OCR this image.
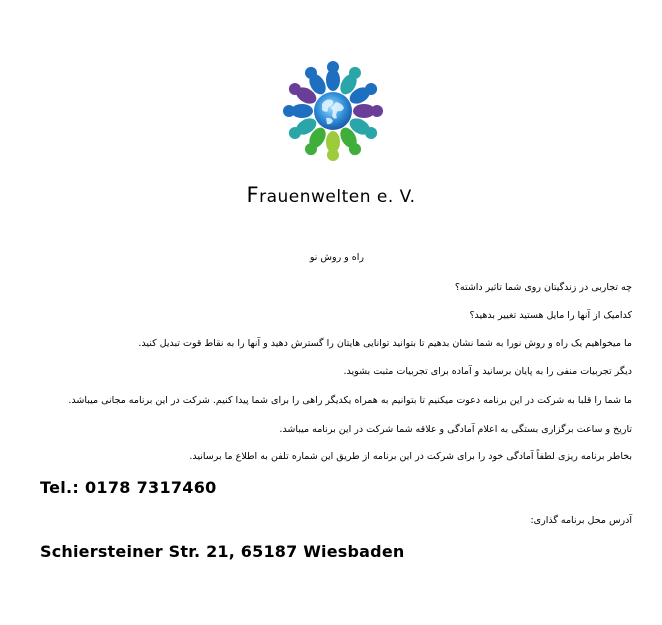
Frauenwelten e. V.
راه و روش نو
چه تجاربی در زندگیتان روی شما تاثیر داشته؟
کدامیک از آنها را مایل هستید تغییر بدهید؟
ما میخواهیم یک راه و روش نورا به شما نشان بدهیم تا بتوانید توانایی هایتان را گسترش دهید و آنها را به نقاط قوت تبدیل کنید.
دیگر تجربیات منفی را به پایان برسانید و آماده برای تجربیات مثبت بشوید.
ما شما را قلبا به شرکت در این برنامه دعوت میکنیم تا بتوانیم به همراه یکدیگر راهی را برای شما پیدا کنیم. شرکت در این برنامه مجانی میباشد.
تاریخ و ساعت برگزاری بستگی به اعلام آمادگی و علاقه شما شرکت در این برنامه میباشد.
بخاطر برنامه ریزی لطفاً آمادگی خود را برای شرکت در این برنامه از طریق این شماره تلفن به اطلاع ما برسانید.
Tel.: 0178 7317460
آدرس محل برنامه گذاری:
Schiersteiner Str. 21, 65187 Wiesbaden
